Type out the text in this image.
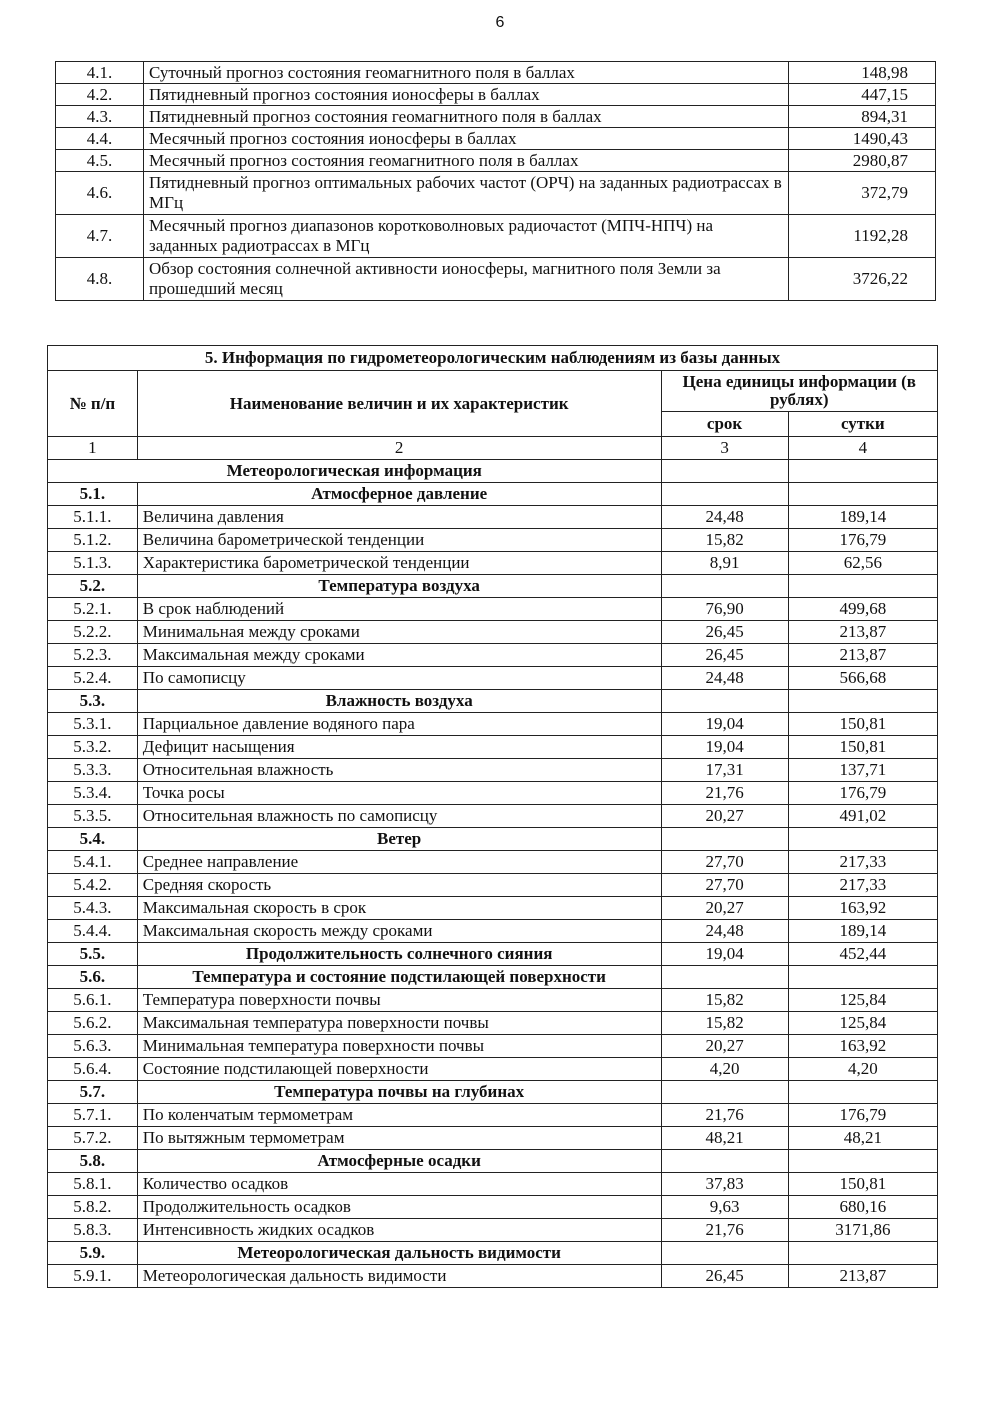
6
4.1.	Суточный прогноз состояния геомагнитного поля в баллах	148,98
4.2.	Пятидневный прогноз состояния ионосферы в баллах	447,15
4.3.	Пятидневный прогноз состояния геомагнитного поля в баллах	894,31
4.4.	Месячный прогноз состояния ионосферы в баллах	1490,43
4.5.	Месячный прогноз состояния геомагнитного поля в баллах	2980,87
4.6.	Пятидневный прогноз оптимальных рабочих частот (ОРЧ) на заданных радиотрассах в МГц	372,79
4.7.	Месячный прогноз диапазонов коротковолновых радиочастот (МПЧ-НПЧ) на заданных радиотрассах в МГц	1192,28
4.8.	Обзор состояния солнечной активности ионосферы, магнитного поля Земли за прошедший месяц	3726,22
5. Информация по гидрометеорологическим наблюдениям из базы данных			
№ п/п	Наименование величин и их характеристик	Цена единицы информации (в рублях)	
		срок	сутки
1	2	3	4
Метеорологическая информация			
5.1.	Атмосферное давление		
5.1.1.	Величина давления	24,48	189,14
5.1.2.	Величина барометрической тенденции	15,82	176,79
5.1.3.	Характеристика барометрической тенденции	8,91	62,56
5.2.	Температура воздуха		
5.2.1.	В срок наблюдений	76,90	499,68
5.2.2.	Минимальная между сроками	26,45	213,87
5.2.3.	Максимальная между сроками	26,45	213,87
5.2.4.	По самописцу	24,48	566,68
5.3.	Влажность воздуха		
5.3.1.	Парциальное давление водяного пара	19,04	150,81
5.3.2.	Дефицит насыщения	19,04	150,81
5.3.3.	Относительная влажность	17,31	137,71
5.3.4.	Точка росы	21,76	176,79
5.3.5.	Относительная влажность по самописцу	20,27	491,02
5.4.	Ветер		
5.4.1.	Среднее направление	27,70	217,33
5.4.2.	Средняя скорость	27,70	217,33
5.4.3.	Максимальная скорость в срок	20,27	163,92
5.4.4.	Максимальная скорость между сроками	24,48	189,14
5.5.	Продолжительность солнечного сияния	19,04	452,44
5.6.	Температура и состояние подстилающей поверхности		
5.6.1.	Температура поверхности почвы	15,82	125,84
5.6.2.	Максимальная температура поверхности почвы	15,82	125,84
5.6.3.	Минимальная температура поверхности почвы	20,27	163,92
5.6.4.	Состояние подстилающей поверхности	4,20	4,20
5.7.	Температура почвы на глубинах		
5.7.1.	По коленчатым термометрам	21,76	176,79
5.7.2.	По вытяжным термометрам	48,21	48,21
5.8.	Атмосферные осадки		
5.8.1.	Количество осадков	37,83	150,81
5.8.2.	Продолжительность осадков	9,63	680,16
5.8.3.	Интенсивность жидких осадков	21,76	3171,86
5.9.	Метеорологическая дальность видимости		
5.9.1.	Метеорологическая дальность видимости	26,45	213,87
